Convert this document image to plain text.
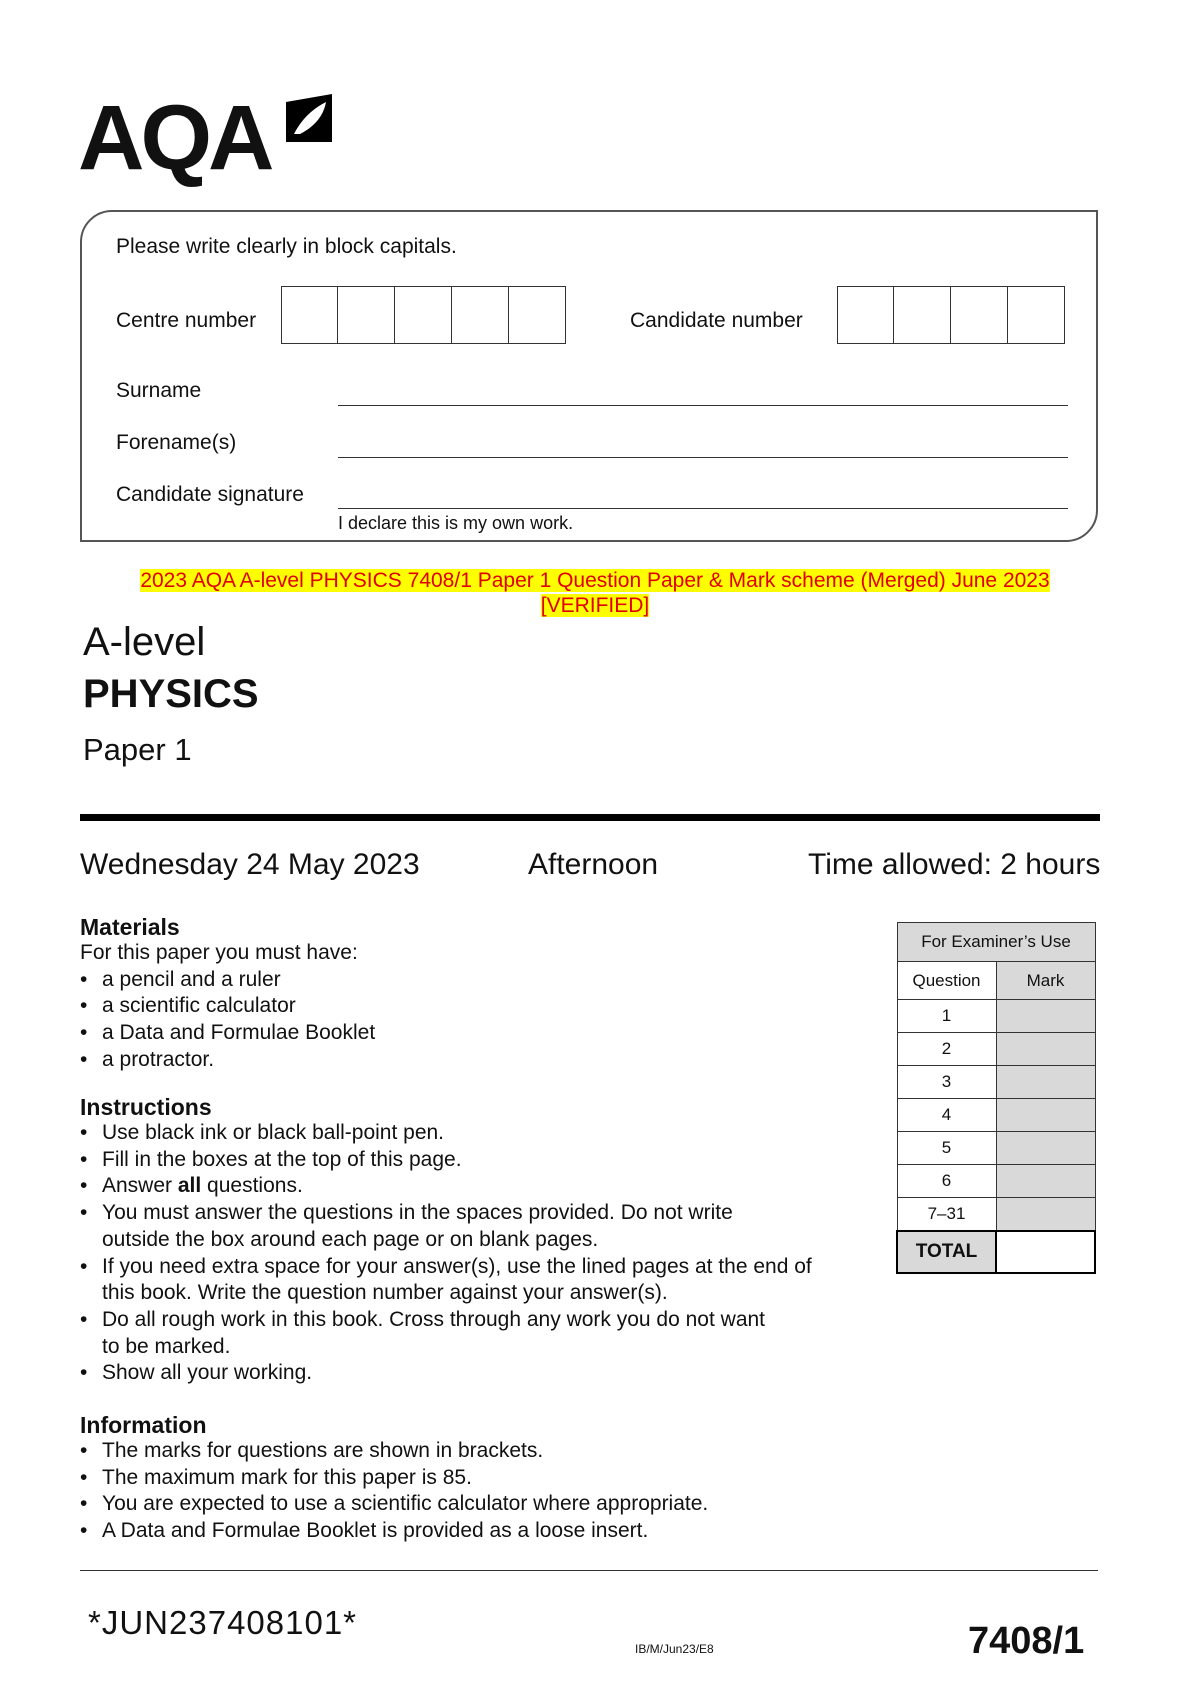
AQA
Please write clearly in block capitals.
Centre number	Candidate number
Surname
Forename(s)
Candidate signature
I declare this is my own work.
2023 AQA A-level PHYSICS 7408/1 Paper 1 Question Paper & Mark scheme (Merged) June 2023
[VERIFIED]
A-level
PHYSICS
Paper 1
Wednesday 24 May 2023	Afternoon	Time allowed: 2 hours
Materials
For this paper you must have:
• a pencil and a ruler
• a scientific calculator
• a Data and Formulae Booklet
• a protractor.
Instructions
• Use black ink or black ball-point pen.
• Fill in the boxes at the top of this page.
• Answer all questions.
• You must answer the questions in the spaces provided. Do not write
outside the box around each page or on blank pages.
• If you need extra space for your answer(s), use the lined pages at the end of
this book. Write the question number against your answer(s).
• Do all rough work in this book. Cross through any work you do not want
to be marked.
• Show all your working.
Information
• The marks for questions are shown in brackets.
• The maximum mark for this paper is 85.
• You are expected to use a scientific calculator where appropriate.
• A Data and Formulae Booklet is provided as a loose insert.
For Examiner’s Use	
Question	Mark
1	
2	
3	
4	
5	
6	
7–31	
TOTAL	
*JUN237408101*
IB/M/Jun23/E8	7408/1
